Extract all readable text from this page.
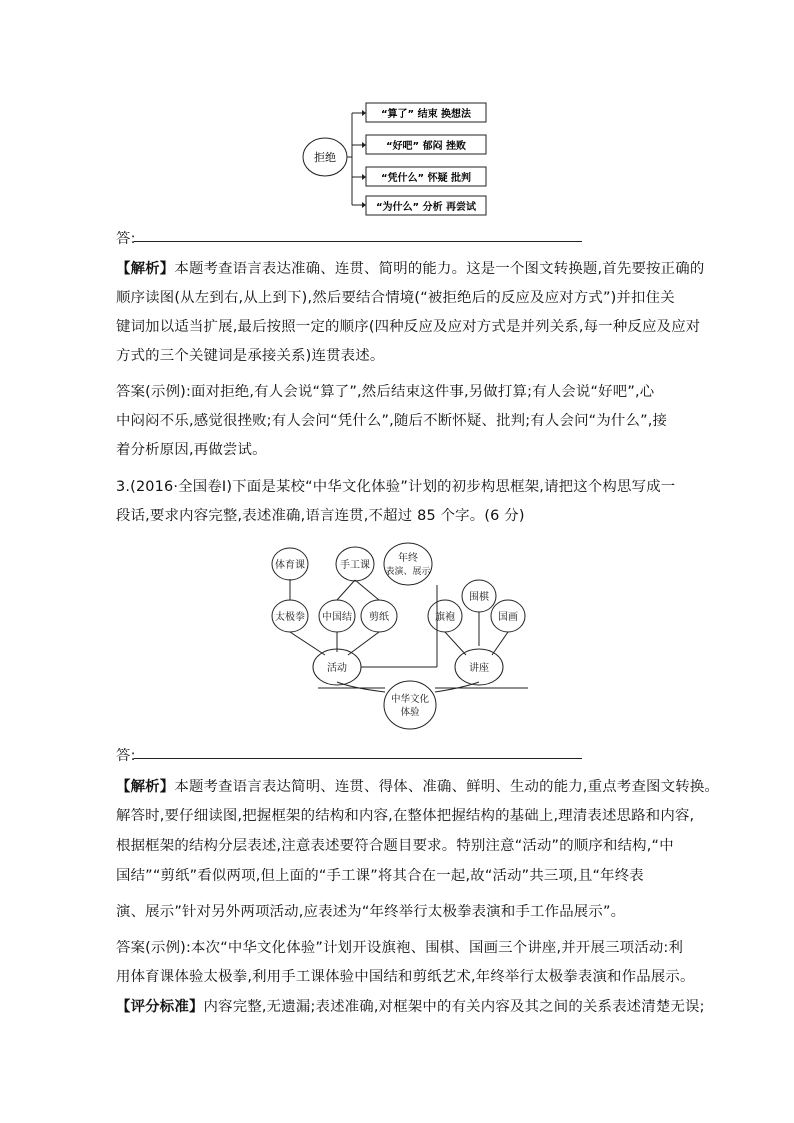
拒绝
“算了” 结束 换想法
“好吧” 郁闷 挫败
“凭什么” 怀疑 批判
“为什么” 分析 再尝试
答:
【解析】本题考查语言表达准确、连贯、简明的能力。这是一个图文转换题,首先要按正确的
顺序读图(从左到右,从上到下),然后要结合情境(“被拒绝后的反应及应对方式”)并扣住关
键词加以适当扩展,最后按照一定的顺序(四种反应及应对方式是并列关系,每一种反应及应对
方式的三个关键词是承接关系)连贯表述。
答案(示例):面对拒绝,有人会说“算了”,然后结束这件事,另做打算;有人会说“好吧”,心
中闷闷不乐,感觉很挫败;有人会问“凭什么”,随后不断怀疑、批判;有人会问“为什么”,接
着分析原因,再做尝试。
3.(2016·全国卷Ⅰ)下面是某校“中华文化体验”计划的初步构思框架,请把这个构思写成一
段话,要求内容完整,表述准确,语言连贯,不超过 85 个字。(6 分)
体育课	手工课
年终
表演、展示
太极拳 中国结 剪纸
活动
旗袍
围棋
国画
讲座
中华文化
体验
答:
【解析】本题考查语言表达简明、连贯、得体、准确、鲜明、生动的能力,重点考查图文转换。
解答时,要仔细读图,把握框架的结构和内容,在整体把握结构的基础上,理清表述思路和内容,
根据框架的结构分层表述,注意表述要符合题目要求。特别注意“活动”的顺序和结构,“中
国结”“剪纸”看似两项,但上面的“手工课”将其合在一起,故“活动”共三项,且“年终表
演、展示”针对另外两项活动,应表述为“年终举行太极拳表演和手工作品展示”。
答案(示例):本次“中华文化体验”计划开设旗袍、围棋、国画三个讲座,并开展三项活动:利
用体育课体验太极拳,利用手工课体验中国结和剪纸艺术,年终举行太极拳表演和作品展示。
【评分标准】内容完整,无遗漏;表述准确,对框架中的有关内容及其之间的关系表述清楚无误;
